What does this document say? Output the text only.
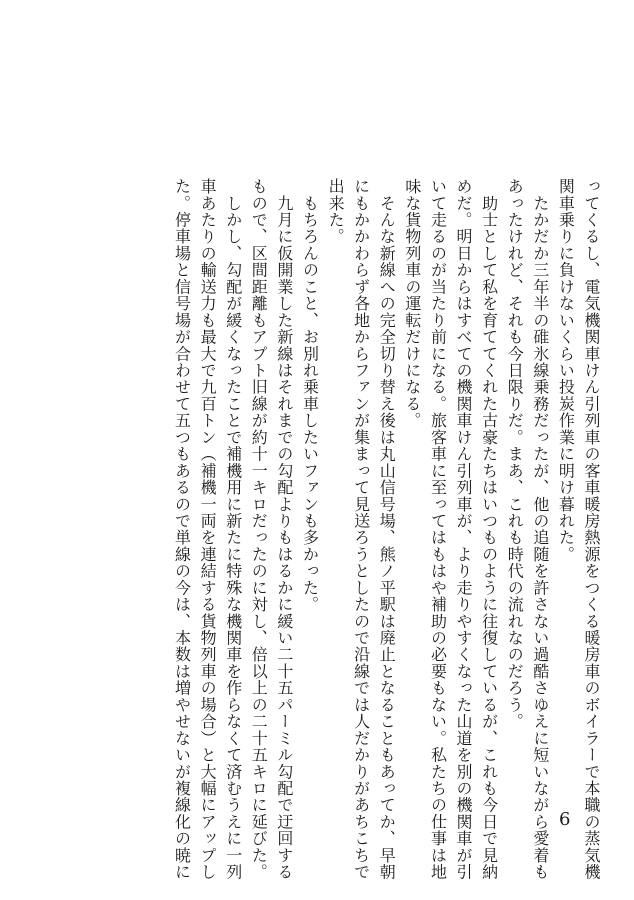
ってくるし、電気機関車けん引列車の客車暖房熱源をつくる暖房車のボイラーで本職の蒸気機
関車乗りに負けないくらい投炭作業に明け暮れた。
　たかだか三年半の碓氷線乗務だったが、他の追随を許さない過酷さゆえに短いながら愛着も
あったけれど、それも今日限りだ。まあ、これも時代の流れなのだろう。
　助士として私を育ててくれた古豪たちはいつものように往復しているが、これも今日で見納
めだ。明日からはすべての機関車けん引列車が、より走りやすくなった山道を別の機関車が引
いて走るのが当たり前になる。旅客車に至ってはもはや補助の必要もない。私たちの仕事は地
味な貨物列車の運転だけになる。
　そんな新線への完全切り替え後は丸山信号場、熊ノ平駅は廃止となることもあってか、早朝
にもかかわらず各地からファンが集まって見送ろうとしたので沿線では人だかりがあちこちで
出来た。
　もちろんのこと、お別れ乗車したいファンも多かった。
　九月に仮開業した新線はそれまでの勾配よりもはるかに緩い二十五パーミル勾配で迂回する
もので、区間距離もアプト旧線が約十一キロだったのに対し、倍以上の二十五キロに延びた。
　しかし、勾配が緩くなったことで補機用に新たに特殊な機関車を作らなくて済むうえに一列
車あたりの輸送力も最大で九百トン（補機一両を連結する貨物列車の場合）と大幅にアップし
た。停車場と信号場が合わせて五つもあるので単線の今は、本数は増やせないが複線化の暁に	6
